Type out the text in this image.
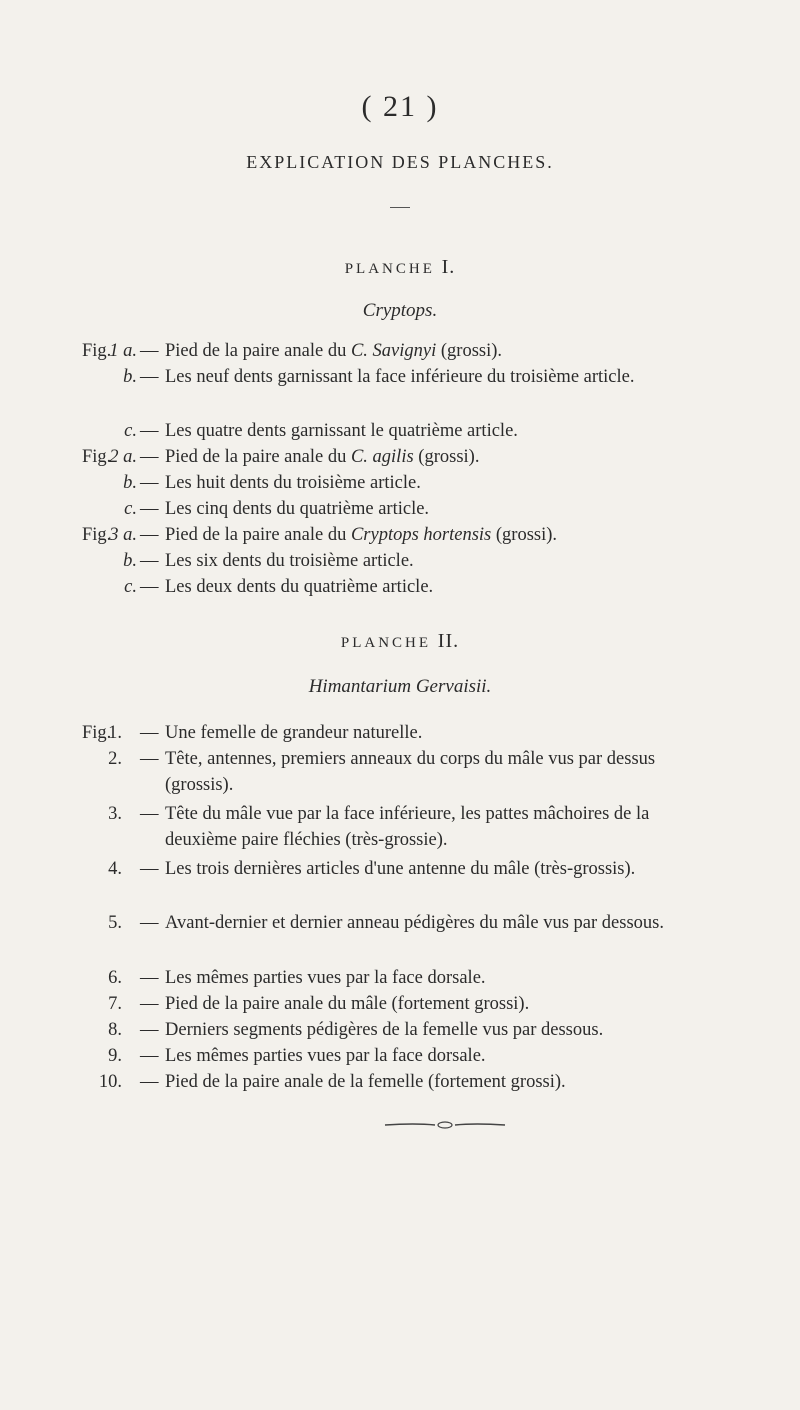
( 21 )
EXPLICATION DES PLANCHES.
PLANCHE I.
Cryptops.
Fig.
1 a. — Pied de la paire anale du C. Savignyi (grossi).
b. — Les neuf dents garnissant la face inférieure du troisième article.
c. — Les quatre dents garnissant le quatrième article.
Fig.
2 a. — Pied de la paire anale du C. agilis (grossi).
b. — Les huit dents du troisième article.
c. — Les cinq dents du quatrième article.
Fig.
3 a. — Pied de la paire anale du Cryptops hortensis (grossi).
b. — Les six dents du troisième article.
c. — Les deux dents du quatrième article.
PLANCHE II.
Himantarium Gervaisii.
Fig.
1. — Une femelle de grandeur naturelle.
2. — Tête, antennes, premiers anneaux du corps du mâle vus par dessus (grossis).
3. — Tête du mâle vue par la face inférieure, les pattes mâchoires de la deuxième paire fléchies (très-grossie).
4. — Les trois dernières articles d'une antenne du mâle (très-grossis).
5. — Avant-dernier et dernier anneau pédigères du mâle vus par dessous.
6. — Les mêmes parties vues par la face dorsale.
7. — Pied de la paire anale du mâle (fortement grossi).
8. — Derniers segments pédigères de la femelle vus par dessous.
9. — Les mêmes parties vues par la face dorsale.
10. — Pied de la paire anale de la femelle (fortement grossi).
